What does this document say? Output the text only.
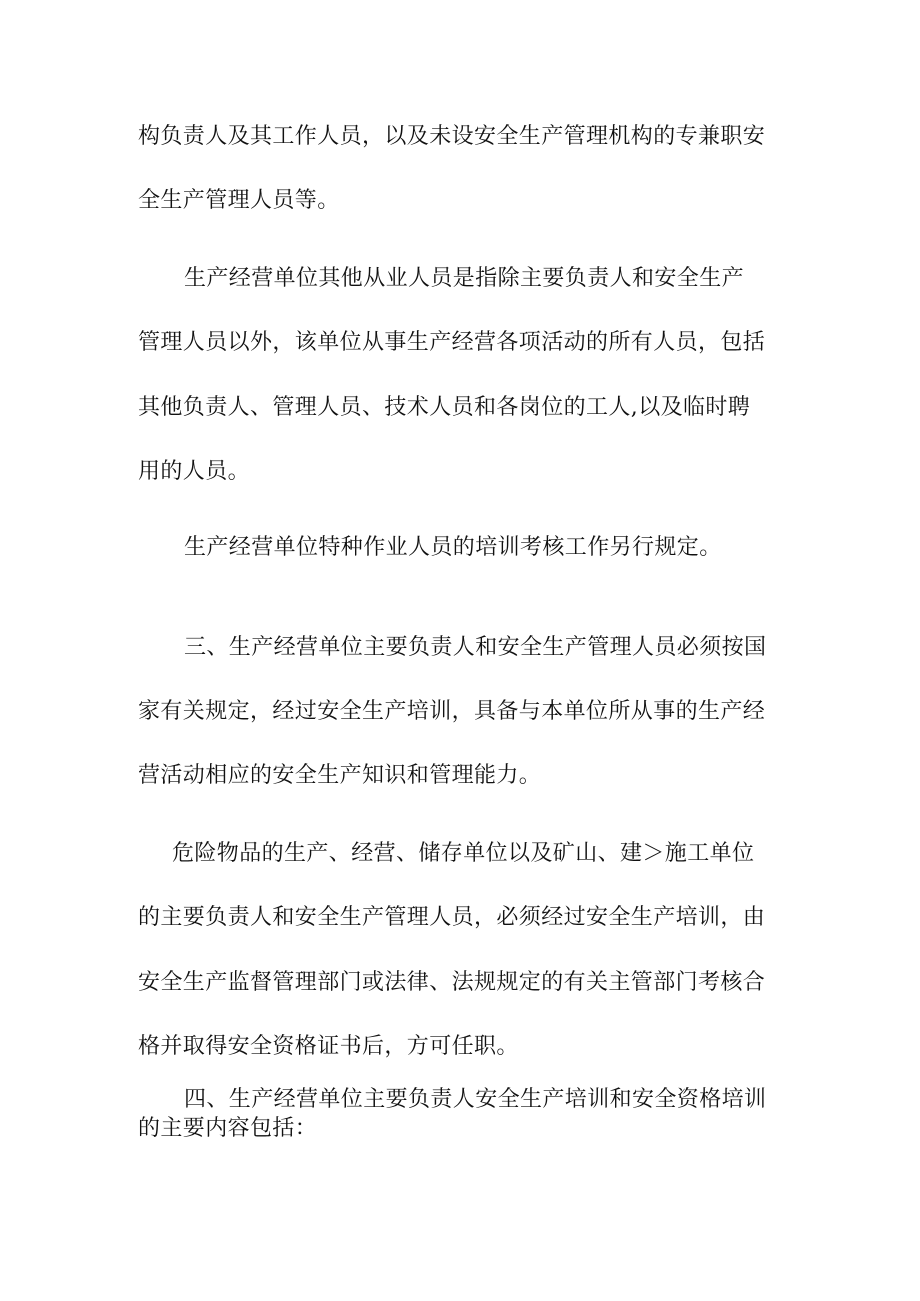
构负责人及其工作人员，以及未设安全生产管理机构的专兼职安
全生产管理人员等。
生产经营单位其他从业人员是指除主要负责人和安全生产
管理人员以外，该单位从事生产经营各项活动的所有人员，包括
其他负责人、管理人员、技术人员和各岗位的工人,以及临时聘
用的人员。
生产经营单位特种作业人员的培训考核工作另行规定。
三、生产经营单位主要负责人和安全生产管理人员必须按国
家有关规定，经过安全生产培训，具备与本单位所从事的生产经
营活动相应的安全生产知识和管理能力。
危险物品的生产、经营、储存单位以及矿山、建＞施工单位
的主要负责人和安全生产管理人员，必须经过安全生产培训，由
安全生产监督管理部门或法律、法规规定的有关主管部门考核合
格并取得安全资格证书后，方可任职。
四、生产经营单位主要负责人安全生产培训和安全资格培训
的主要内容包括：
